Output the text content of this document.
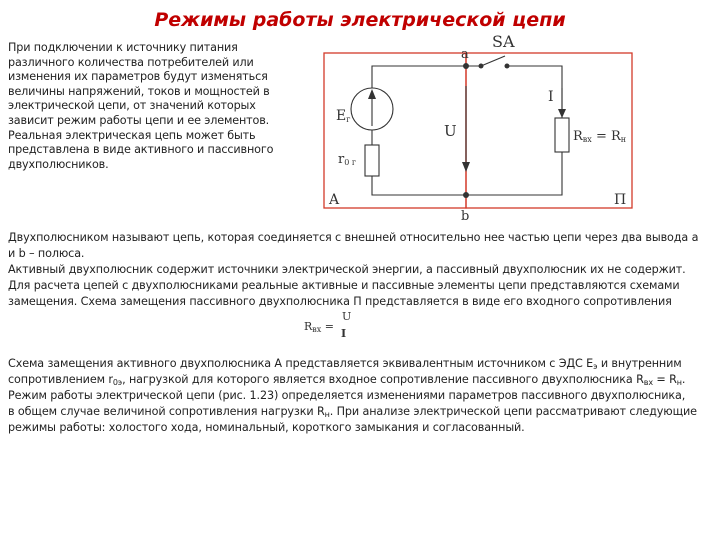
Режимы работы электрической цепи
При подключении к источнику питания
различного количества потребителей или
изменения их параметров будут изменяться
величины напряжений, токов и мощностей в
электрической цепи, от значений которых
зависит режим работы цепи и ее элементов.
Реальная электрическая цепь может быть
представлена в виде активного и пассивного
двухполюсников.
SA
a
b
Eг
r0 г
I
U	Rвх = Rн
A	П
Двухполюсником называют цепь, которая соединяется с внешней относительно нее частью цепи через два вывода а
и b – полюса.
Активный двухполюсник содержит источники электрической энергии, а пассивный двухполюсник их не содержит.
Для расчета цепей с двухполюсниками реальные активные и пассивные элементы цепи представляются схемами
замещения. Схема замещения пассивного двухполюсника П представляется в виде его входного сопротивления
$R_{вх}$ =
U
I
Схема замещения активного двухполюсника А представляется эквивалентным источником с ЭДС $Е_э$ и внутренним
сопротивлением $r_{0э}$, нагрузкой для которого является входное сопротивление пассивного двухполюсника $R_{вх} = R_н$.
Режим работы электрической цепи (рис. 1.23) определяется изменениями параметров пассивного двухполюсника,
в общем случае величиной сопротивления нагрузки $R_н$. При анализе электрической цепи рассматривают следующие
режимы работы: холостого хода, номинальный, короткого замыкания и согласованный.
